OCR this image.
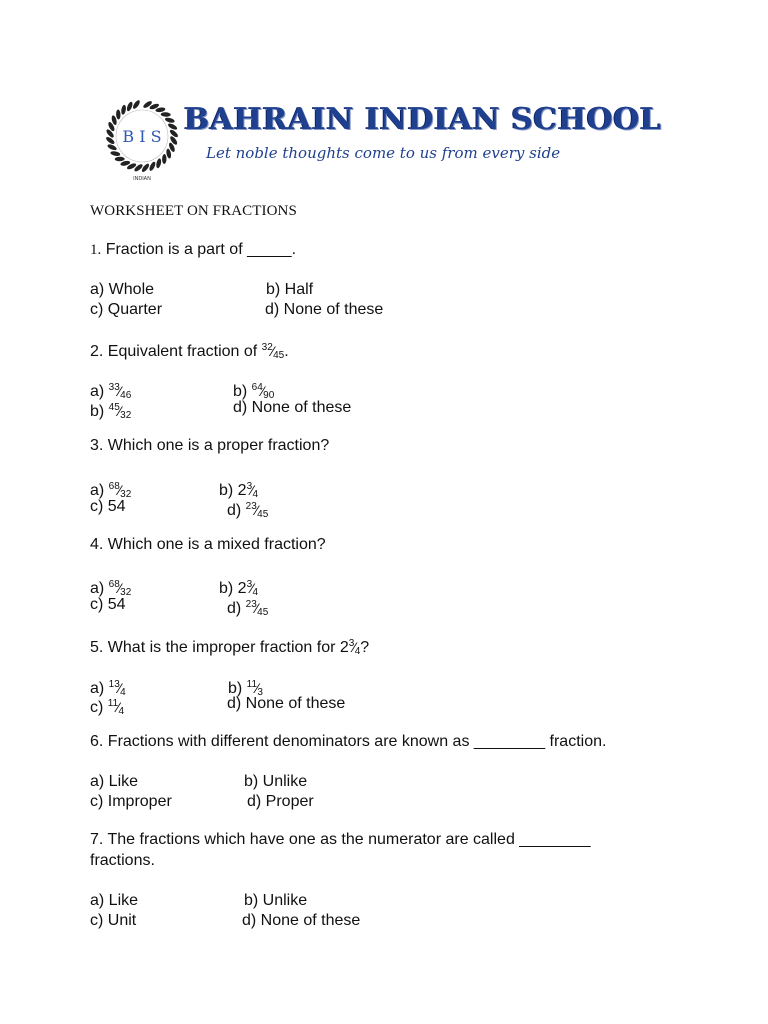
B I S
INDIAN
BAHRAIN INDIAN SCHOOL
Let noble thoughts come to us from every side
WORKSHEET ON FRACTIONS
1. Fraction is a part of _____.
a) Whole	b) Half
c) Quarter	d) None of these
2. Equivalent fraction of $^{32}$⁄45.
a) $^{33}$⁄46	b) $^{64}$⁄90
b) $^{45}$⁄32	d) None of these
3. Which one is a proper fraction?
a) $^{68}$⁄32	b) $2^3⁄4$
c) 54	d) $^{23}$⁄45
4. Which one is a mixed fraction?
a) $^{68}$⁄32	b) $2^3⁄4$
c) 54	d) $^{23}$⁄45
5. What is the improper fraction for $2^3⁄4$?
a) $^{13}$⁄4	b) $^{11}$⁄3
c) $^{11}$⁄4	d) None of these
6. Fractions with different denominators are known as ________ fraction.
a) Like	b) Unlike
c) Improper	d) Proper
7. The fractions which have one as the numerator are called ________
fractions.
a) Like	b) Unlike
c) Unit	d) None of these
